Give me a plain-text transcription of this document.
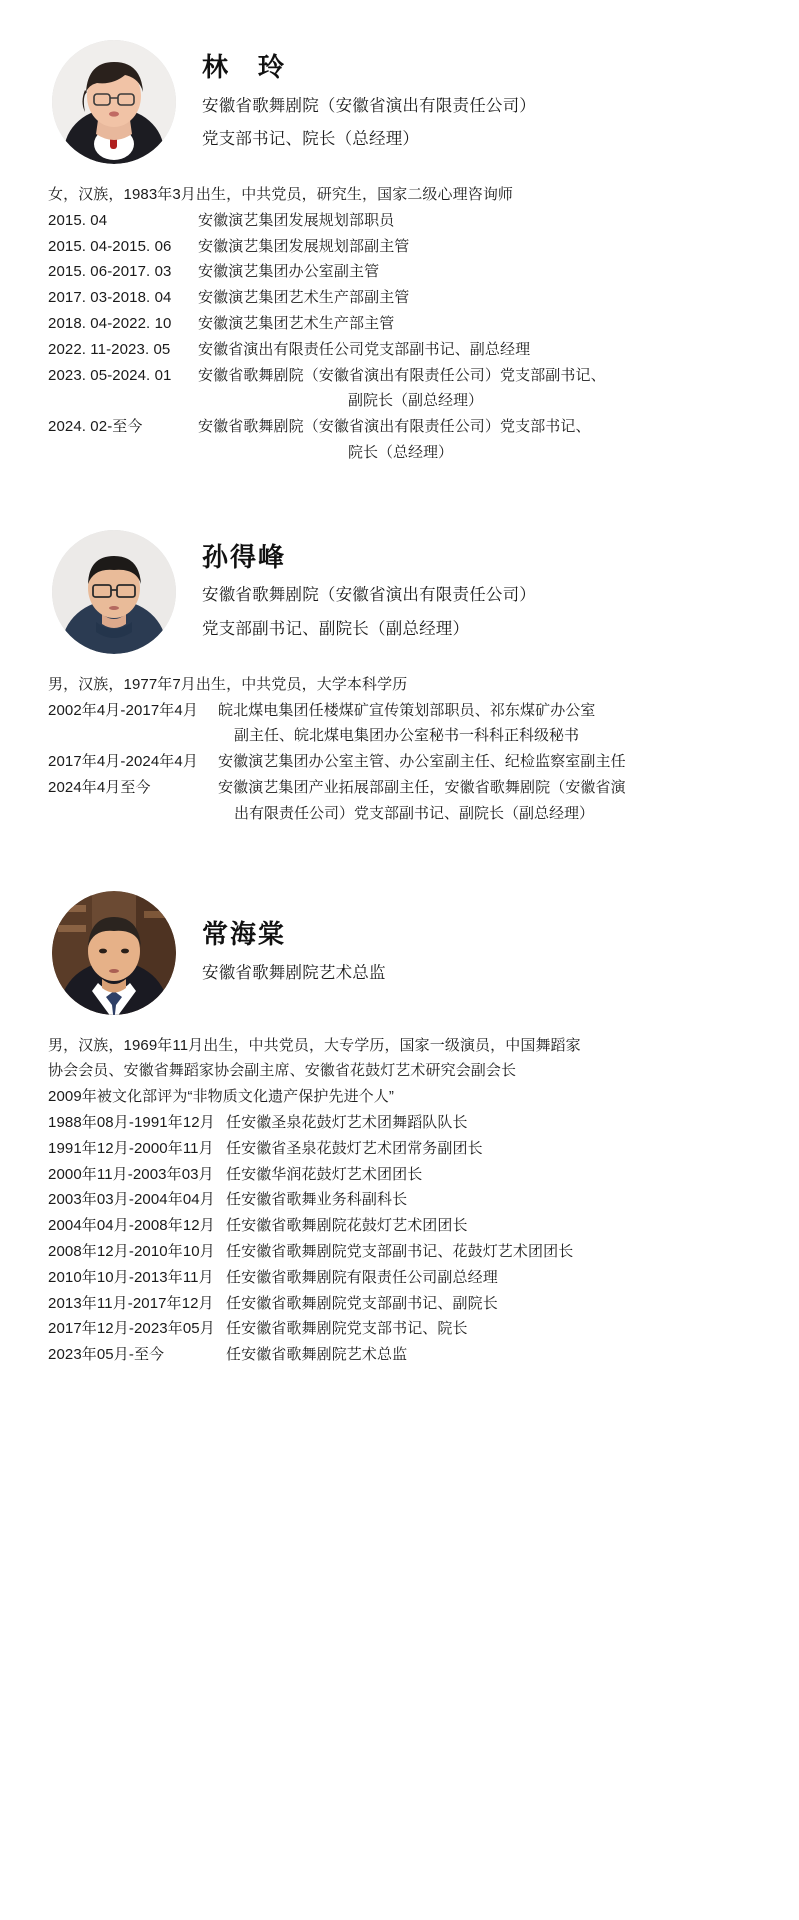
林　玲
安徽省歌舞剧院（安徽省演出有限责任公司）
党支部书记、院长（总经理）
女，汉族，1983年3月出生，中共党员，研究生，国家二级心理咨询师
2015. 04	安徽演艺集团发展规划部职员
2015. 04-2015. 06	安徽演艺集团发展规划部副主管
2015. 06-2017. 03	安徽演艺集团办公室副主管
2017. 03-2018. 04	安徽演艺集团艺术生产部副主管
2018. 04-2022. 10	安徽演艺集团艺术生产部主管
2022. 11-2023. 05	安徽省演出有限责任公司党支部副书记、副总经理
2023. 05-2024. 01	安徽省歌舞剧院（安徽省演出有限责任公司）党支部副书记、
副院长（副总经理）
2024. 02-至今	安徽省歌舞剧院（安徽省演出有限责任公司）党支部书记、
院长（总经理）
孙得峰
安徽省歌舞剧院（安徽省演出有限责任公司）
党支部副书记、副院长（副总经理）
男，汉族，1977年7月出生，中共党员，大学本科学历
2002年4月-2017年4月	皖北煤电集团任楼煤矿宣传策划部职员、祁东煤矿办公室
副主任、皖北煤电集团办公室秘书一科科正科级秘书
2017年4月-2024年4月	安徽演艺集团办公室主管、办公室副主任、纪检监察室副主任
2024年4月至今	安徽演艺集团产业拓展部副主任，安徽省歌舞剧院（安徽省演
出有限责任公司）党支部副书记、副院长（副总经理）
常海棠
安徽省歌舞剧院艺术总监
男，汉族，1969年11月出生，中共党员，大专学历，国家一级演员，中国舞蹈家
协会会员、安徽省舞蹈家协会副主席、安徽省花鼓灯艺术研究会副会长
2009年被文化部评为“非物质文化遗产保护先进个人”
1988年08月-1991年12月 任安徽圣泉花鼓灯艺术团舞蹈队队长
1991年12月-2000年11月 任安徽省圣泉花鼓灯艺术团常务副团长
2000年11月-2003年03月 任安徽华润花鼓灯艺术团团长
2003年03月-2004年04月 任安徽省歌舞业务科副科长
2004年04月-2008年12月 任安徽省歌舞剧院花鼓灯艺术团团长
2008年12月-2010年10月 任安徽省歌舞剧院党支部副书记、花鼓灯艺术团团长
2010年10月-2013年11月 任安徽省歌舞剧院有限责任公司副总经理
2013年11月-2017年12月 任安徽省歌舞剧院党支部副书记、副院长
2017年12月-2023年05月 任安徽省歌舞剧院党支部书记、院长
2023年05月-至今	任安徽省歌舞剧院艺术总监
